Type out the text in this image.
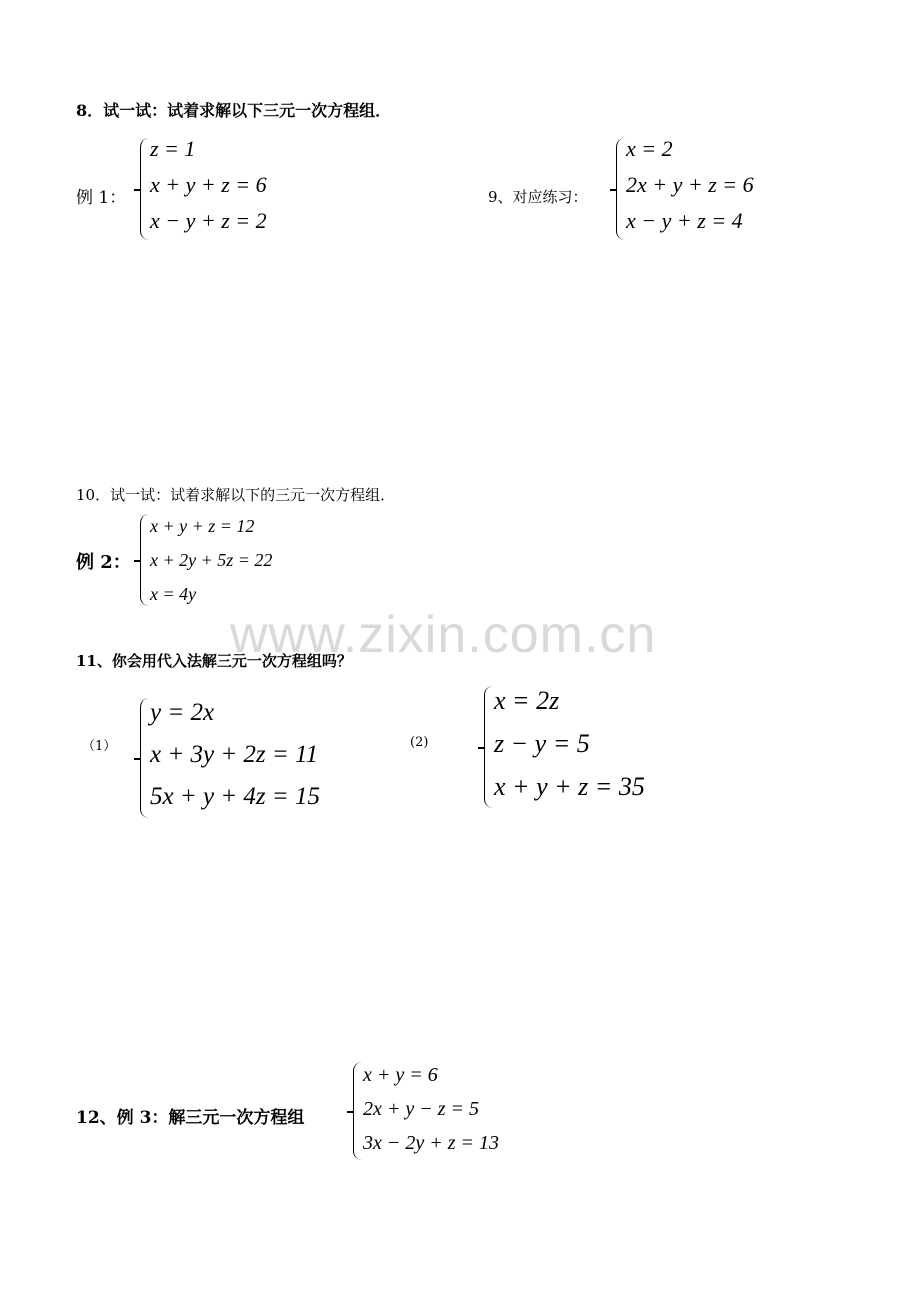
8．试一试：试着求解以下三元一次方程组．
例 1：
z = 1
x + y + z = 6
x − y + z = 2
9、对应练习：
x = 2
2x + y + z = 6
x − y + z = 4
10．试一试：试着求解以下的三元一次方程组．
例 2：
x + y + z = 12
x + 2y + 5z = 22
x = 4y
www.zixin.com.cn
11、你会用代入法解三元一次方程组吗？
（1）
y = 2x
x + 3y + 2z = 11
5x + y + 4z = 15
(2)
x = 2z
z − y = 5
x + y + z = 35
12、例 3：解三元一次方程组
x + y = 6
2x + y − z = 5
3x − 2y + z = 13
